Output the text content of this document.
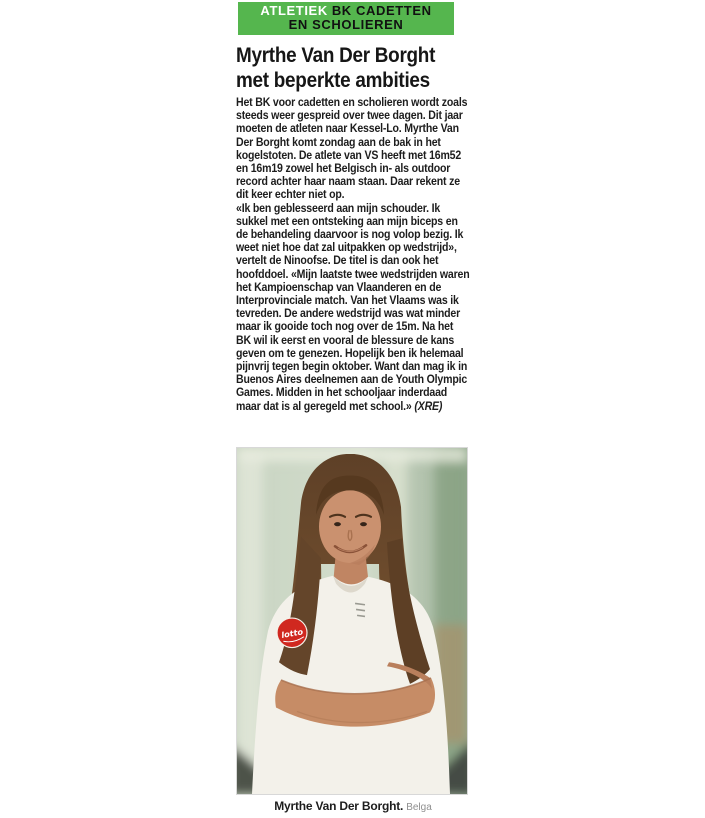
ATLETIEK BK CADETTEN
EN SCHOLIEREN
Myrthe Van Der Borght
met beperkte ambities

Het BK voor cadetten en scholieren wordt zoals steeds weer gespreid over twee dagen. Dit jaar moeten de atleten naar Kessel-Lo. Myrthe Van Der Borght komt zondag aan de bak in het kogelstoten. De atlete van VS heeft met 16m52 en 16m19 zowel het Belgisch in- als outdoor record achter haar naam staan. Daar rekent ze dit keer echter niet op.

«Ik ben geblesseerd aan mijn schouder. Ik sukkel met een ontsteking aan mijn biceps en de behandeling daarvoor is nog volop bezig. Ik weet niet hoe dat zal uitpakken op wedstrijd», vertelt de Ninoofse. De titel is dan ook het hoofddoel. «Mijn laatste twee wedstrijden waren het Kampioenschap van Vlaanderen en de Interprovinciale match. Van het Vlaams was ik tevreden. De andere wedstrijd was wat minder maar ik gooide toch nog over de 15m. Na het BK wil ik eerst en vooral de blessure de kans geven om te genezen. Hopelijk ben ik helemaal pijnvrij tegen begin oktober. Want dan mag ik in Buenos Aires deelnemen aan de Youth Olympic Games. Midden in het schooljaar inderdaad maar dat is al geregeld met school.» (XRE)

lotto
Myrthe Van Der Borght. Belga
